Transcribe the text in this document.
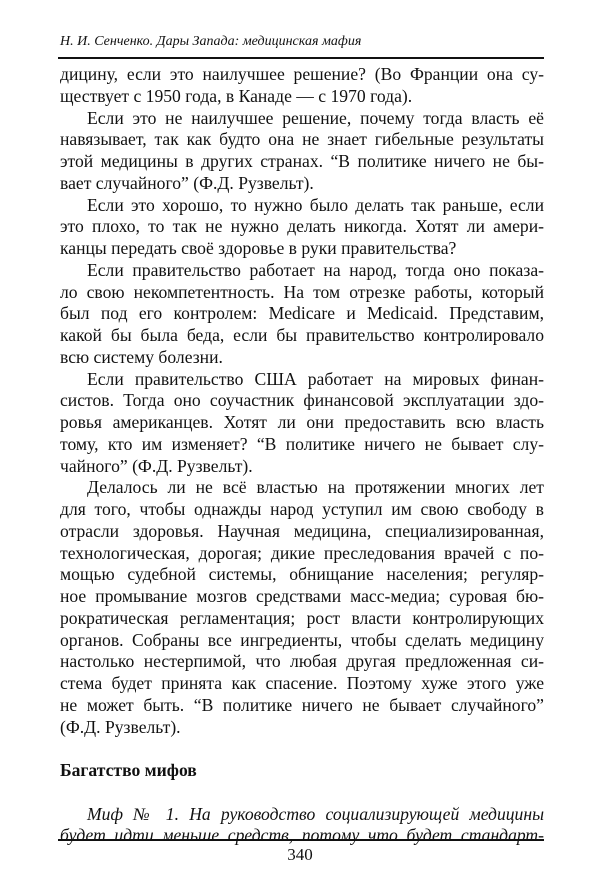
Н. И. Сенченко. Дары Запада: медицинская мафия
дицину, если это наилучшее решение? (Во Франции она су-
ществует с 1950 года, в Канаде — с 1970 года).
Если это не наилучшее решение, почему тогда власть её
навязывает, так как будто она не знает гибельные результаты
этой медицины в других странах. “В политике ничего не бы-
вает случайного” (Ф.Д. Рузвельт).
Если это хорошо, то нужно было делать так раньше, если
это плохо, то так не нужно делать никогда. Хотят ли амери-
канцы передать своё здоровье в руки правительства?
Если правительство работает на народ, тогда оно показа-
ло свою некомпетентность. На том отрезке работы, который
был под его контролем: Medicare и Medicaid. Представим,
какой бы была беда, если бы правительство контролировало
всю систему болезни.
Если правительство США работает на мировых финан-
систов. Тогда оно соучастник финансовой эксплуатации здо-
ровья американцев. Хотят ли они предоставить всю власть
тому, кто им изменяет? “В политике ничего не бывает слу-
чайного” (Ф.Д. Рузвельт).
Делалось ли не всё властью на протяжении многих лет
для того, чтобы однажды народ уступил им свою свободу в
отрасли здоровья. Научная медицина, специализированная,
технологическая, дорогая; дикие преследования врачей с по-
мощью судебной системы, обнищание населения; регуляр-
ное промывание мозгов средствами масс-медиа; суровая бю-
рократическая регламентация; рост власти контролирующих
органов. Собраны все ингредиенты, чтобы сделать медицину
настолько нестерпимой, что любая другая предложенная си-
стема будет принята как спасение. Поэтому хуже этого уже
не может быть. “В политике ничего не бывает случайного”
(Ф.Д. Рузвельт).
Багатство мифов
Миф № 1. На руководство социализирующей медицины
будет идти меньше средств, потому что будет стандарт-
340
